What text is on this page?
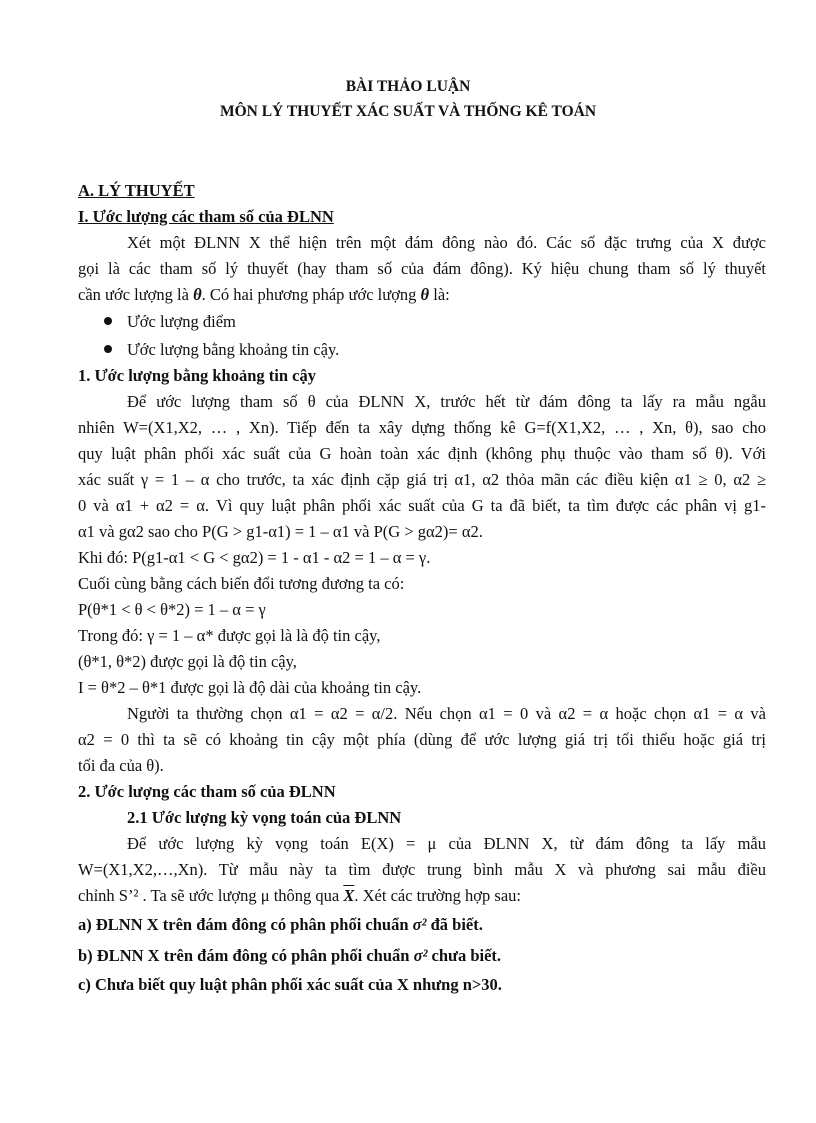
BÀI THẢO LUẬN
MÔN LÝ THUYẾT XÁC SUẤT VÀ THỐNG KÊ TOÁN
A. LÝ THUYẾT
I. Ước lượng các tham số của ĐLNN
Xét một ĐLNN X thể hiện trên một đám đông nào đó. Các số đặc trưng của X được
gọi là các tham số lý thuyết (hay tham số của đám đông). Ký hiệu chung tham số lý thuyết
cần ước lượng là θ. Có hai phương pháp ước lượng θ là:
Ước lượng điểm
Ước lượng bằng khoảng tin cậy.
1. Ước lượng bằng khoảng tin cậy
Để ước lượng tham số θ của ĐLNN X, trước hết từ đám đông ta lấy ra mẫu ngẫu
nhiên W=(X1,X2, … , Xn). Tiếp đến ta xây dựng thống kê G=f(X1,X2, … , Xn, θ), sao cho
quy luật phân phối xác suất của G hoàn toàn xác định (không phụ thuộc vào tham số θ). Với
xác suất γ = 1 – α cho trước, ta xác định cặp giá trị α1, α2 thỏa mãn các điều kiện α1 ≥ 0, α2 ≥
0 và α1 + α2 = α. Vì quy luật phân phối xác suất của G ta đã biết, ta tìm được các phân vị g1-
α1 và gα2 sao cho P(G > g1-α1) = 1 – α1 và P(G > gα2)= α2.
Khi đó: P(g1-α1 < G < gα2) = 1 - α1 - α2 = 1 – α = γ.
Cuối cùng bằng cách biến đổi tương đương ta có:
P(θ*1 < θ < θ*2) = 1 – α = γ
Trong đó: γ = 1 – α* được gọi là là độ tin cậy,
(θ*1, θ*2) được gọi là độ tin cậy,
I = θ*2 – θ*1 được gọi là độ dài của khoảng tin cậy.
Người ta thường chọn α1 = α2 = α/2. Nếu chọn α1 = 0 và α2 = α hoặc chọn α1 = α và
α2 = 0 thì ta sẽ có khoảng tin cậy một phía (dùng để ước lượng giá trị tối thiểu hoặc giá trị
tối đa của θ).
2. Ước lượng các tham số của ĐLNN
2.1 Ước lượng kỳ vọng toán của ĐLNN
Để ước lượng kỳ vọng toán E(X) = μ của ĐLNN X, từ đám đông ta lấy mẫu
W=(X1,X2,…,Xn). Từ mẫu này ta tìm được trung bình mẫu X và phương sai mẫu điều
chỉnh S’² . Ta sẽ ước lượng μ thông qua $\overline{X}$. Xét các trường hợp sau:
a) ĐLNN X trên đám đông có phân phối chuẩn σ² đã biết.
b) ĐLNN X trên đám đông có phân phối chuẩn σ² chưa biết.
c) Chưa biết quy luật phân phối xác suất của X nhưng n>30.
